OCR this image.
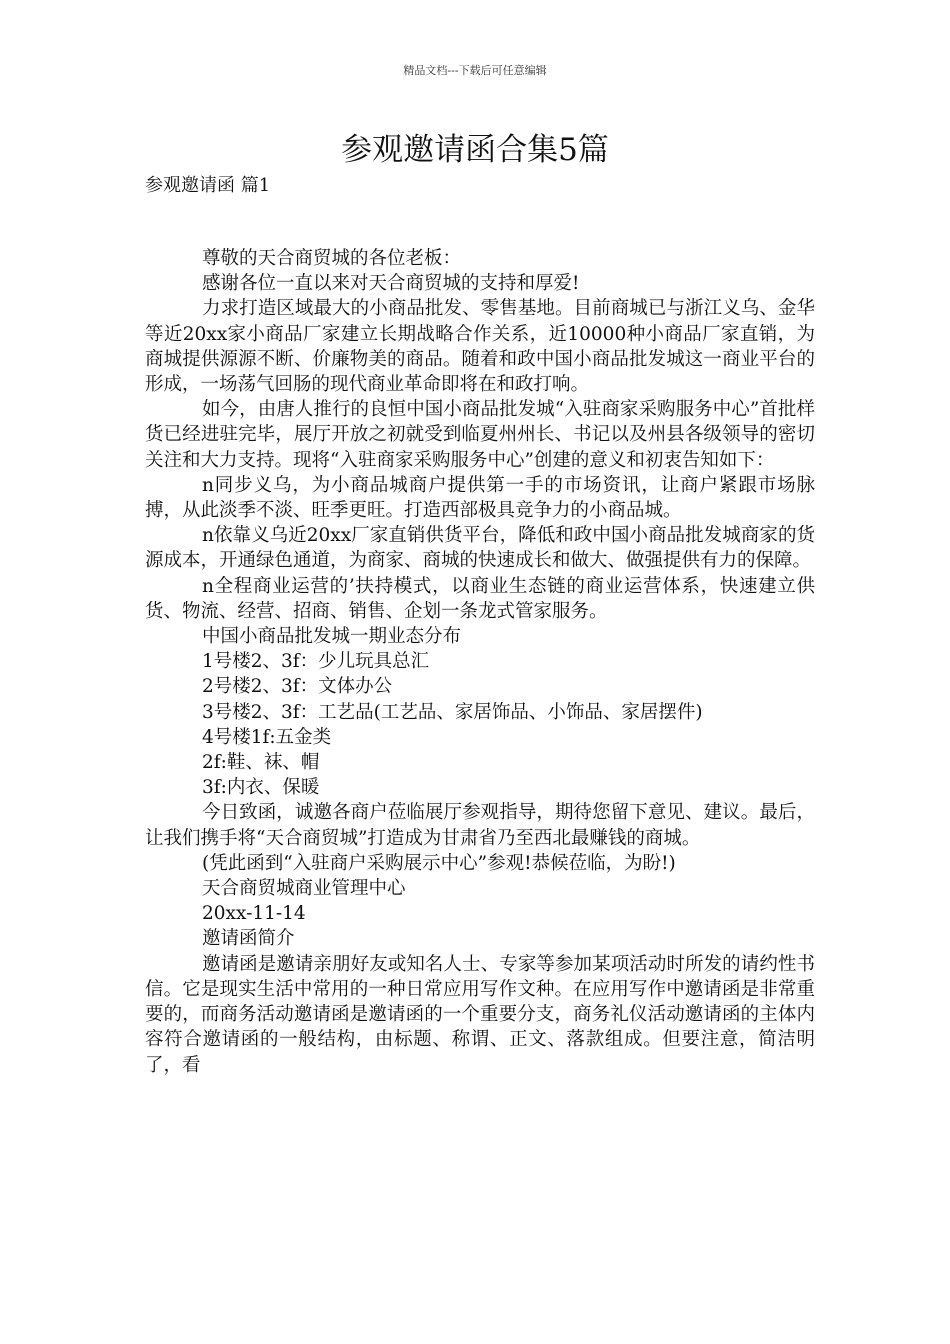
精品文档---下载后可任意编辑
参观邀请函合集5篇
参观邀请函 篇1

尊敬的天合商贸城的各位老板：

感谢各位一直以来对天合商贸城的支持和厚爱!

力求打造区域最大的小商品批发、零售基地。目前商城已与浙江义乌、金华等近20xx家小商品厂家建立长期战略合作关系，近10000种小商品厂家直销，为商城提供源源不断、价廉物美的商品。随着和政中国小商品批发城这一商业平台的形成，一场荡气回肠的现代商业革命即将在和政打响。

如今，由唐人推行的良恒中国小商品批发城“入驻商家采购服务中心”首批样货已经进驻完毕，展厅开放之初就受到临夏州州长、书记以及州县各级领导的密切关注和大力支持。现将“入驻商家采购服务中心”创建的意义和初衷告知如下：

n同步义乌，为小商品城商户提供第一手的市场资讯，让商户紧跟市场脉搏，从此淡季不淡、旺季更旺。打造西部极具竞争力的小商品城。

n依靠义乌近20xx厂家直销供货平台，降低和政中国小商品批发城商家的货源成本，开通绿色通道，为商家、商城的快速成长和做大、做强提供有力的保障。

n全程商业运营的’扶持模式，以商业生态链的商业运营体系，快速建立供货、物流、经营、招商、销售、企划一条龙式管家服务。

中国小商品批发城一期业态分布

1号楼2、3f：少儿玩具总汇

2号楼2、3f：文体办公

3号楼2、3f：工艺品(工艺品、家居饰品、小饰品、家居摆件)

4号楼1f:五金类

2f:鞋、袜、帽

3f:内衣、保暖

今日致函，诚邀各商户莅临展厅参观指导，期待您留下意见、建议。最后，让我们携手将“天合商贸城”打造成为甘肃省乃至西北最赚钱的商城。

(凭此函到“入驻商户采购展示中心”参观!恭候莅临，为盼!)

天合商贸城商业管理中心

20xx-11-14

邀请函简介

邀请函是邀请亲朋好友或知名人士、专家等参加某项活动时所发的请约性书信。它是现实生活中常用的一种日常应用写作文种。在应用写作中邀请函是非常重要的，而商务活动邀请函是邀请函的一个重要分支，商务礼仪活动邀请函的主体内容符合邀请函的一般结构，由标题、称谓、正文、落款组成。但要注意，简洁明了，看
